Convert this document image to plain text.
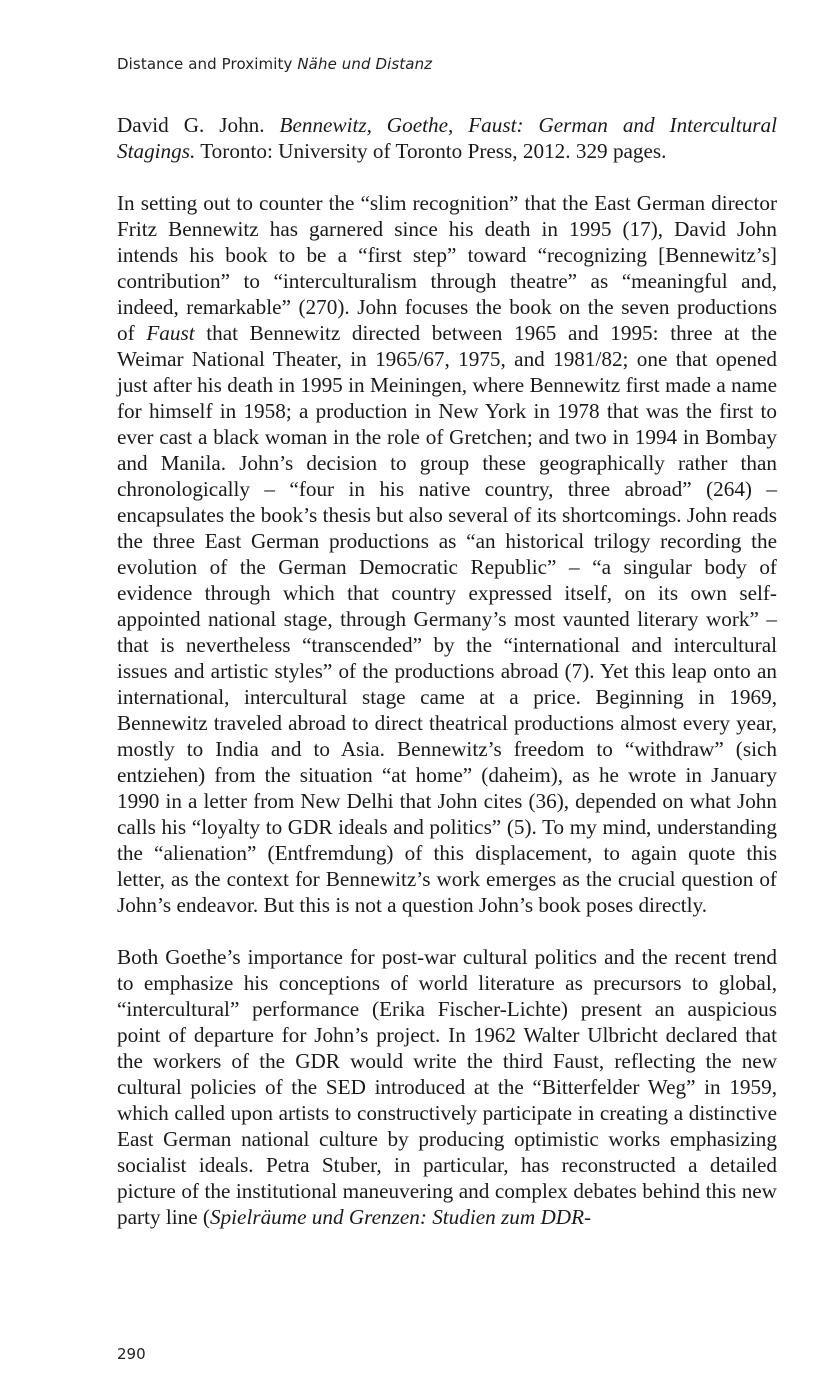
Distance and Proximity Nähe und Distanz

David G. John. Bennewitz, Goethe, Faust: German and Intercultural Stagings. Toronto: University of Toronto Press, 2012. 329 pages.

In setting out to counter the “slim recognition” that the East German director Fritz Bennewitz has garnered since his death in 1995 (17), David John intends his book to be a “first step” toward “recognizing [Bennewitz’s] contribution” to “interculturalism through theatre” as “meaningful and, indeed, remarkable” (270). John focuses the book on the seven productions of Faust that Bennewitz directed between 1965 and 1995: three at the Weimar National Theater, in 1965/67, 1975, and 1981/82; one that opened just after his death in 1995 in Meiningen, where Bennewitz first made a name for himself in 1958; a production in New York in 1978 that was the first to ever cast a black woman in the role of Gretchen; and two in 1994 in Bombay and Manila. John’s decision to group these geographically rather than chronologically – “four in his native country, three abroad” (264) – encapsulates the book’s thesis but also several of its shortcomings. John reads the three East German productions as “an historical trilogy recording the evolution of the German Democratic Republic” – “a singular body of evidence through which that country expressed itself, on its own self-appointed national stage, through Germany’s most vaunted literary work” – that is nevertheless “transcended” by the “international and intercultural issues and artistic styles” of the productions abroad (7). Yet this leap onto an international, intercultural stage came at a price. Beginning in 1969, Bennewitz traveled abroad to direct theatrical productions almost every year, mostly to India and to Asia. Bennewitz’s freedom to “withdraw” (sich entziehen) from the situation “at home” (daheim), as he wrote in January 1990 in a letter from New Delhi that John cites (36), depended on what John calls his “loyalty to GDR ideals and politics” (5). To my mind, understanding the “alienation” (Entfremdung) of this displacement, to again quote this letter, as the context for Bennewitz’s work emerges as the crucial question of John’s endeavor. But this is not a question John’s book poses directly.

Both Goethe’s importance for post-war cultural politics and the recent trend to emphasize his conceptions of world literature as precursors to global, “intercultural” performance (Erika Fischer-Lichte) present an auspicious point of departure for John’s project. In 1962 Walter Ulbricht declared that the workers of the GDR would write the third Faust, reflecting the new cultural policies of the SED introduced at the “Bitterfelder Weg” in 1959, which called upon artists to constructively participate in creating a distinctive East German national culture by producing optimistic works emphasizing socialist ideals. Petra Stuber, in particular, has reconstructed a detailed picture of the institutional maneuvering and complex debates behind this new party line (Spielräume und Grenzen: Studien zum DDR-

290
